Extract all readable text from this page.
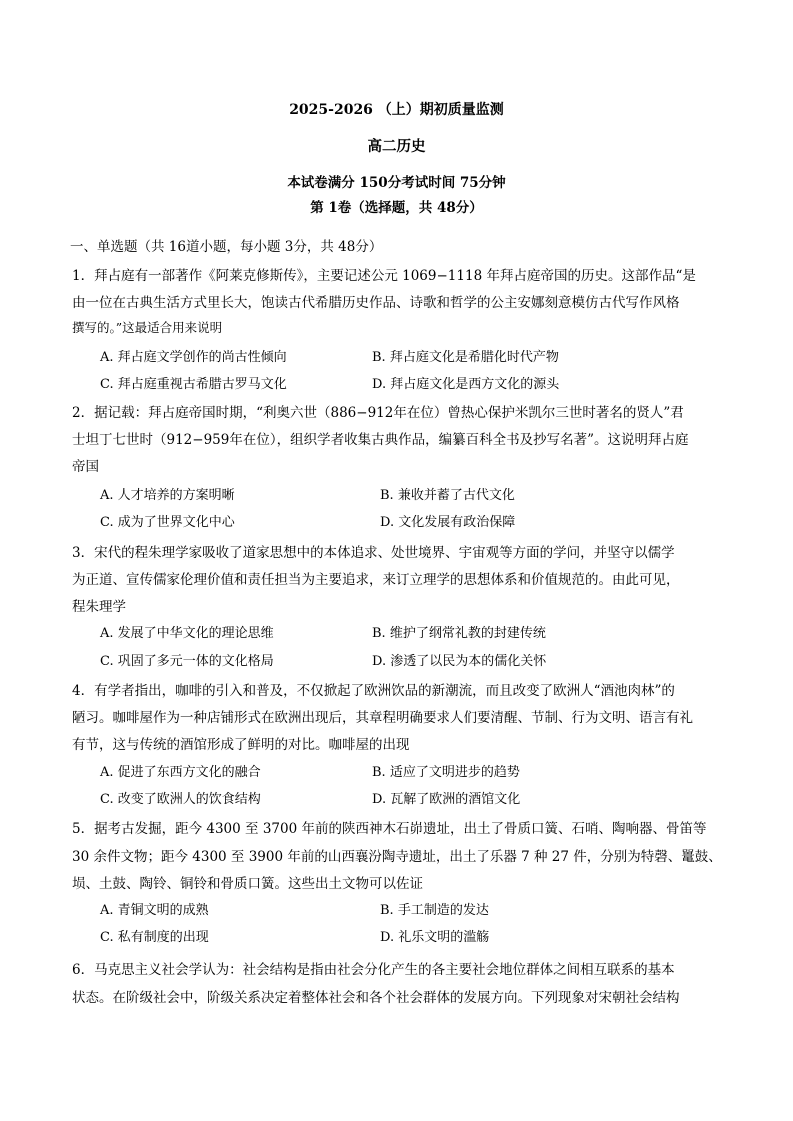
2025-2026 （上）期初质量监测
高二历史
本试卷满分 150分考试时间 75分钟
第 1卷（选择题，共 48分）
一、单选题（共 16道小题，每小题 3分，共 48分）
1．拜占庭有一部著作《阿莱克修斯传》，主要记述公元 1069−1118 年拜占庭帝国的历史。这部作品“是
由一位在古典生活方式里长大，饱读古代希腊历史作品、诗歌和哲学的公主安娜刻意模仿古代写作风格
撰写的。”这最适合用来说明
A. 拜占庭文学创作的尚古性倾向	B. 拜占庭文化是希腊化时代产物
C. 拜占庭重视古希腊古罗马文化	D. 拜占庭文化是西方文化的源头
2．据记载：拜占庭帝国时期，“利奥六世（886−912年在位）曾热心保护米凯尔三世时著名的贤人”君
士坦丁七世时（912−959年在位），组织学者收集古典作品，编纂百科全书及抄写名著”。这说明拜占庭
帝国
A. 人才培养的方案明晰	B. 兼收并蓄了古代文化
C. 成为了世界文化中心	D. 文化发展有政治保障
3．宋代的程朱理学家吸收了道家思想中的本体追求、处世境界、宇宙观等方面的学问，并坚守以儒学
为正道、宣传儒家伦理价值和责任担当为主要追求，来订立理学的思想体系和价值规范的。由此可见，
程朱理学
A. 发展了中华文化的理论思维	B. 维护了纲常礼教的封建传统
C. 巩固了多元一体的文化格局	D. 渗透了以民为本的儒化关怀
4．有学者指出，咖啡的引入和普及，不仅掀起了欧洲饮品的新潮流，而且改变了欧洲人“酒池肉林”的
陋习。咖啡屋作为一种店铺形式在欧洲出现后，其章程明确要求人们要清醒、节制、行为文明、语言有礼
有节，这与传统的酒馆形成了鲜明的对比。咖啡屋的出现
A. 促进了东西方文化的融合	B. 适应了文明进步的趋势
C. 改变了欧洲人的饮食结构	D. 瓦解了欧洲的酒馆文化
5．据考古发掘，距今 4300 至 3700 年前的陕西神木石峁遗址，出土了骨质口簧、石哨、陶响器、骨笛等
30 余件文物；距今 4300 至 3900 年前的山西襄汾陶寺遗址，出土了乐器 7 种 27 件，分别为特磬、鼍鼓、
埙、土鼓、陶铃、铜铃和骨质口簧。这些出土文物可以佐证
A. 青铜文明的成熟	B. 手工制造的发达
C. 私有制度的出现	D. 礼乐文明的滥觞
6．马克思主义社会学认为：社会结构是指由社会分化产生的各主要社会地位群体之间相互联系的基本
状态。在阶级社会中，阶级关系决定着整体社会和各个社会群体的发展方向。下列现象对宋朝社会结构
